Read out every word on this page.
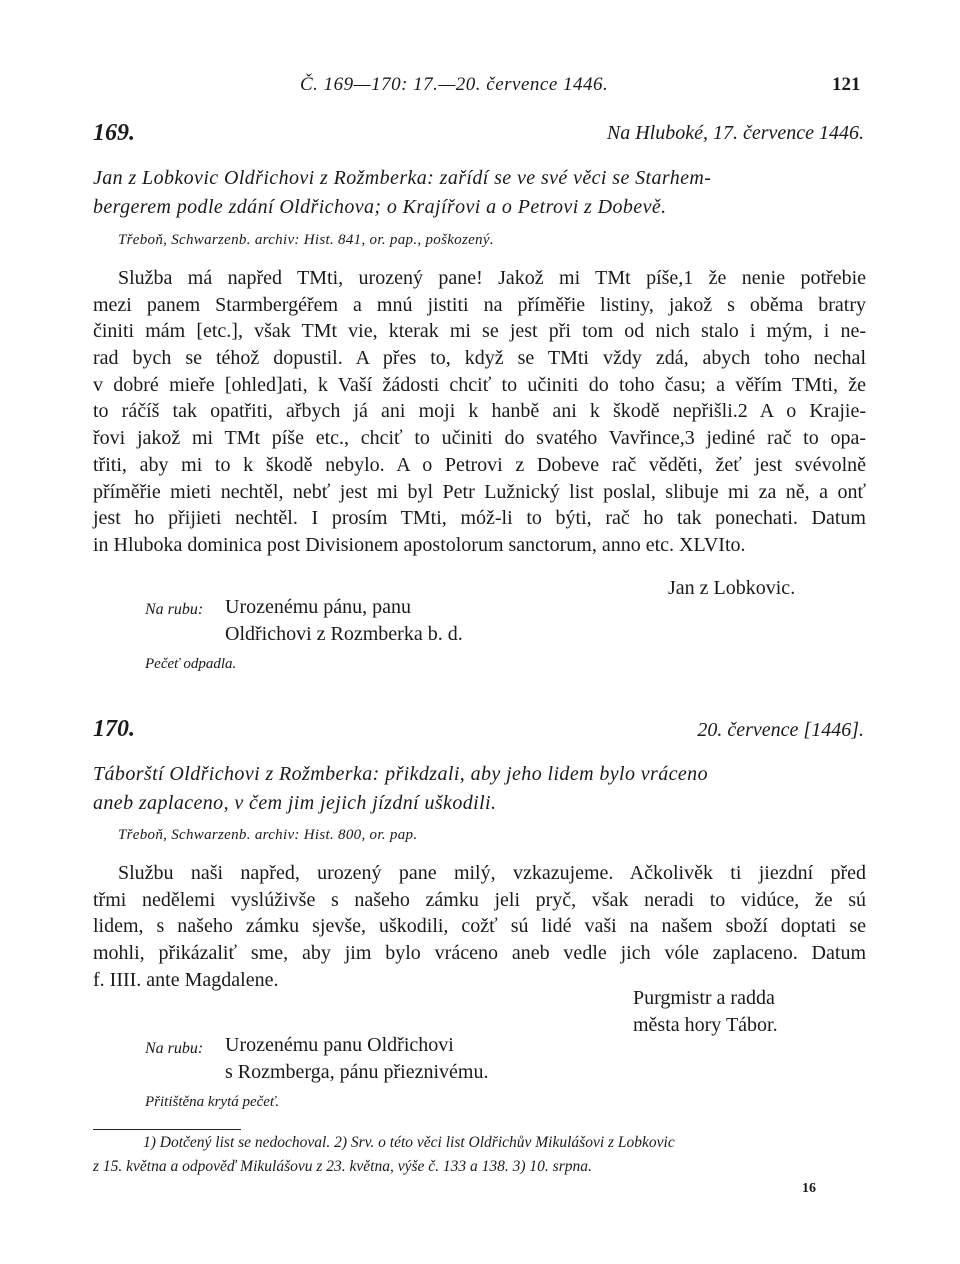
Č. 169—170: 17.—20. července 1446.	121
169.	Na Hluboké, 17. července 1446.
Jan z Lobkovic Oldřichovi z Rožmberka: zařídí se ve své věci se Starhem-
bergerem podle zdání Oldřichova; o Krajířovi a o Petrovi z Dobevě.
Třeboň, Schwarzenb. archiv: Hist. 841, or. pap., poškozený.
Služba má napřed TMti, urozený pane! Jakož mi TMt píše,1 že nenie potřebie
mezi panem Starmbergéřem a mnú jistiti na příměřie listiny, jakož s oběma bratry
činiti mám [etc.], však TMt vie, kterak mi se jest při tom od nich stalo i mým, i ne-
rad bych se téhož dopustil. A přes to, když se TMti vždy zdá, abych toho nechal
v dobré mieře [ohled]ati, k Vaší žádosti chciť to učiniti do toho času; a věřím TMti, že
to ráčíš tak opatřiti, ařbych já ani moji k hanbě ani k škodě nepřišli.2 A o Krajie-
řovi jakož mi TMt píše etc., chciť to učiniti do svatého Vavřince,3 jediné rač to opa-
třiti, aby mi to k škodě nebylo. A o Petrovi z Dobeve rač věděti, žeť jest svévolně
příměřie mieti nechtěl, nebť jest mi byl Petr Lužnický list poslal, slibuje mi za ně, a onť
jest ho přijieti nechtěl. I prosím TMti, móž-li to býti, rač ho tak ponechati. Datum
in Hluboka dominica post Divisionem apostolorum sanctorum, anno etc. XLVIto.
Jan z Lobkovic.
Na rubu: Urozenému pánu, panu
Oldřichovi z Rozmberka b. d.
Pečeť odpadla.
170.	20. července [1446].
Táborští Oldřichovi z Rožmberka: přikdzali, aby jeho lidem bylo vráceno
aneb zaplaceno, v čem jim jejich jízdní uškodili.
Třeboň, Schwarzenb. archiv: Hist. 800, or. pap.
Službu naši napřed, urozený pane milý, vzkazujeme. Ačkolivěk ti jiezdní před
třmi nedělemi vyslúživše s našeho zámku jeli pryč, však neradi to vidúce, že sú
lidem, s našeho zámku sjevše, uškodili, cožť sú lidé vaši na našem sboží doptati se
mohli, přikázaliť sme, aby jim bylo vráceno aneb vedle jich vóle zaplaceno. Datum
f. IIII. ante Magdalene.
Purgmistr a radda
města hory Tábor.
Na rubu: Urozenému panu Oldřichovi
s Rozmberga, pánu přieznivému.
Přitištěna krytá pečeť.
1) Dotčený list se nedochoval. 2) Srv. o této věci list Oldřichův Mikulášovi z Lobkovic
z 15. května a odpověď Mikulášovu z 23. května, výše č. 133 a 138. 3) 10. srpna.
16
